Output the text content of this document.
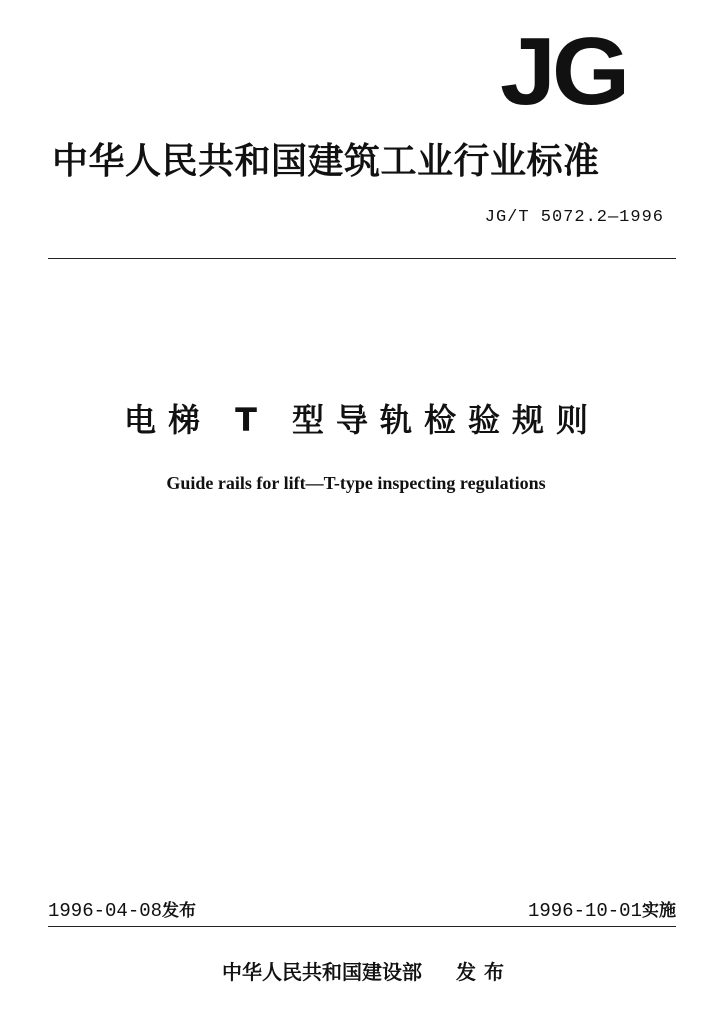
JG
中华人民共和国建筑工业行业标准
JG/T 5072.2—1996
电梯 T 型导轨检验规则
Guide rails for lift—T-type inspecting regulations
1996-04-08发布	1996-10-01实施
中华人民共和国建设部 发布
